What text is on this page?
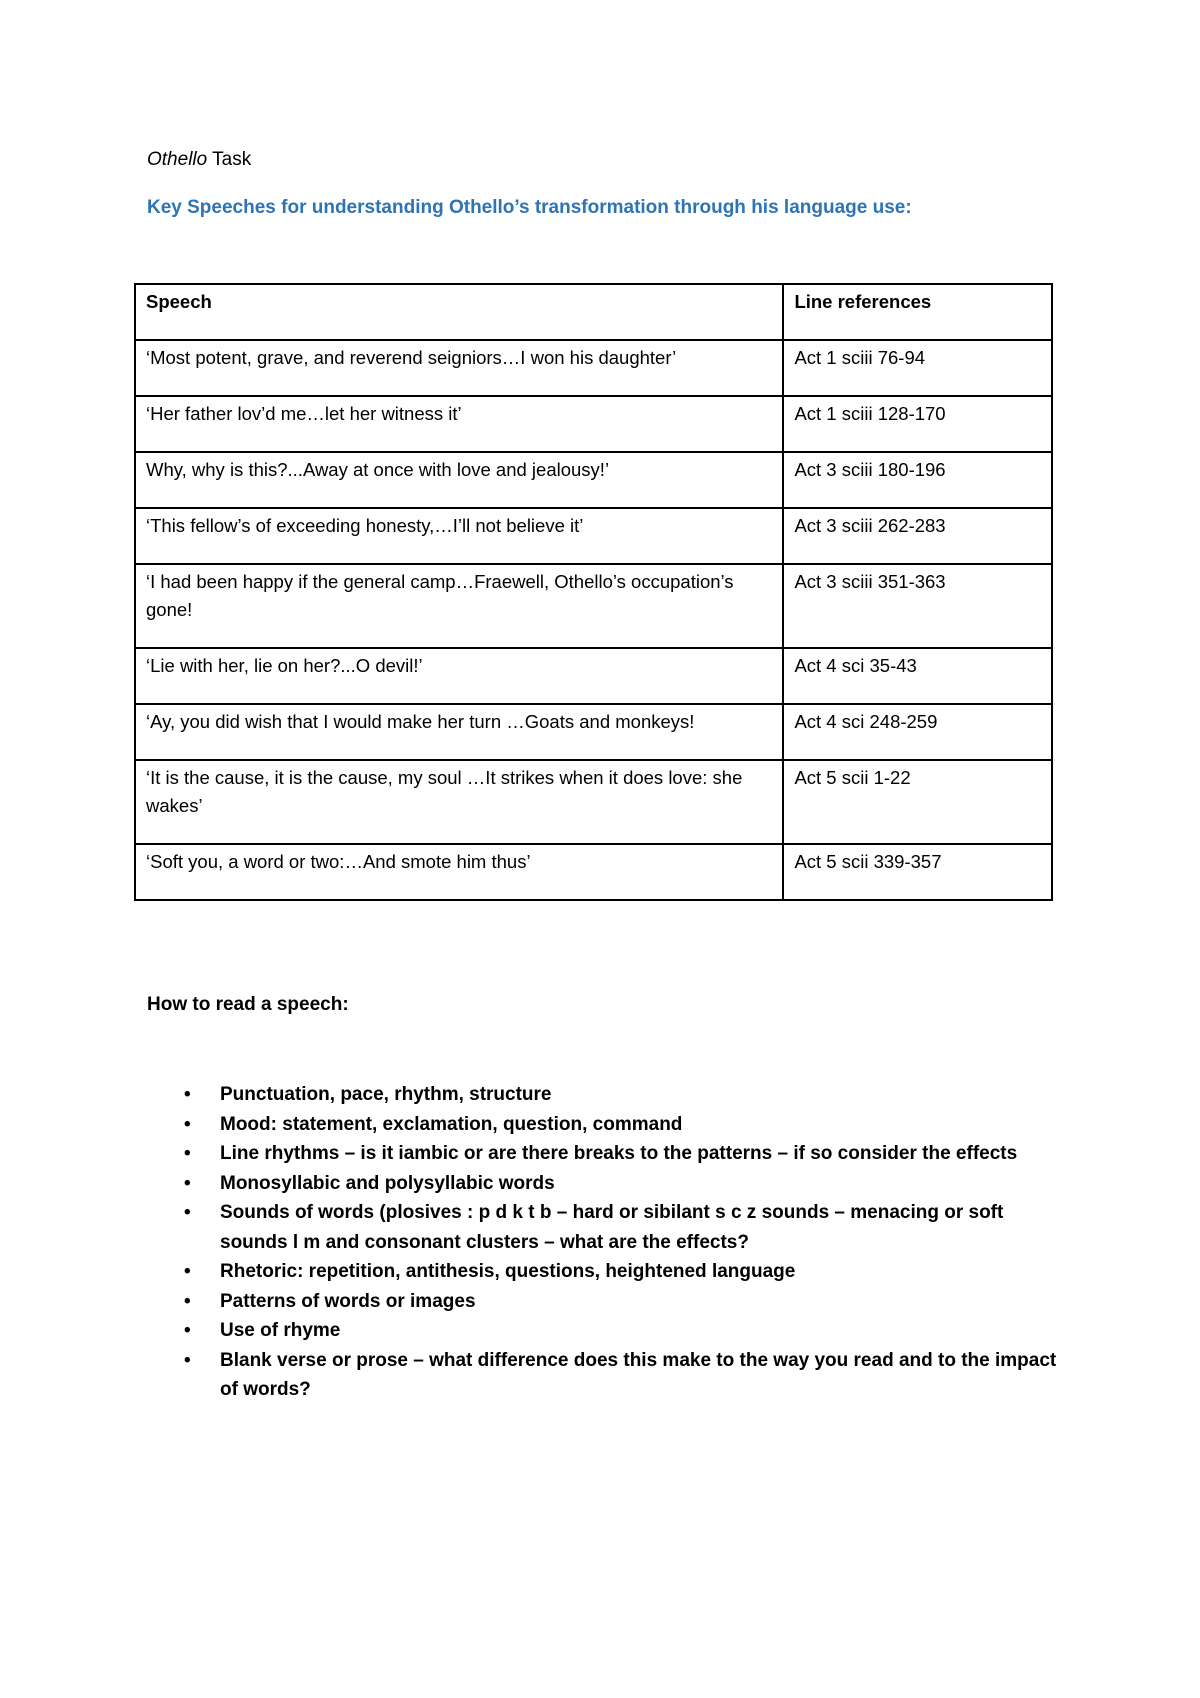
Othello Task

Key Speeches for understanding Othello’s transformation through his language use:

Speech	Line references
‘Most potent, grave, and reverend seigniors…I won his daughter’	Act 1 sciii 76-94
‘Her father lov’d me…let her witness it’	Act 1 sciii 128-170
Why, why is this?...Away at once with love and jealousy!’	Act 3 sciii 180-196
‘This fellow’s of exceeding honesty,…I’ll not believe it’	Act 3 sciii 262-283
‘I had been happy if the general camp…Fraewell, Othello’s occupation’s gone!	Act 3 sciii 351-363
‘Lie with her, lie on her?...O devil!’	Act 4 sci 35-43
‘Ay, you did wish that I would make her turn …Goats and monkeys!	Act 4 sci 248-259
‘It is the cause, it is the cause, my soul …It strikes when it does love: she wakes’	Act 5 scii 1-22
‘Soft you, a word or two:…And smote him thus’	Act 5 scii 339-357

How to read a speech:

• Punctuation, pace, rhythm, structure
• Mood: statement, exclamation, question, command
• Line rhythms – is it iambic or are there breaks to the patterns – if so consider the effects
• Monosyllabic and polysyllabic words
• Sounds of words (plosives : p d k t b – hard or sibilant s c z sounds – menacing or soft sounds l m and consonant clusters – what are the effects?
• Rhetoric: repetition, antithesis, questions, heightened language
• Patterns of words or images
• Use of rhyme
• Blank verse or prose – what difference does this make to the way you read and to the impact of words?
